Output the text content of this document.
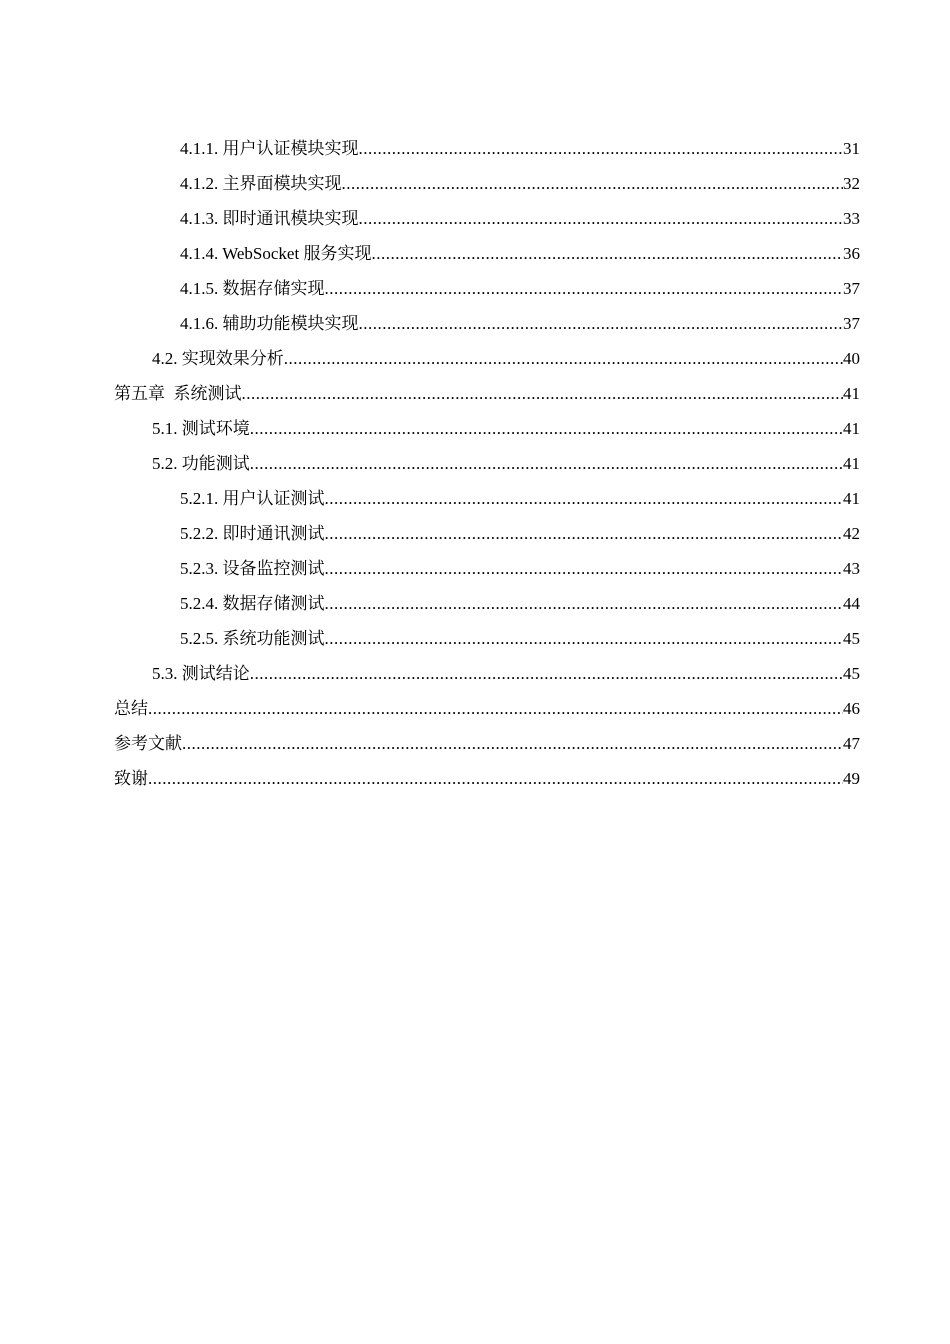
4.1.1. 用户认证模块实现 .....	31
4.1.2. 主界面模块实现 .....	32
4.1.3. 即时通讯模块实现 .....	33
4.1.4. WebSocket 服务实现 .....	36
4.1.5. 数据存储实现 .....	37
4.1.6. 辅助功能模块实现 .....	37
4.2. 实现效果分析 .....	40
第五章  系统测试 .....	41
5.1. 测试环境 .....	41
5.2. 功能测试 .....	41
5.2.1. 用户认证测试 .....	41
5.2.2. 即时通讯测试 .....	42
5.2.3. 设备监控测试 .....	43
5.2.4. 数据存储测试 .....	44
5.2.5. 系统功能测试 .....	45
5.3. 测试结论 .....	45
总结 .....	46
参考文献 .....	47
致谢 .....	49
